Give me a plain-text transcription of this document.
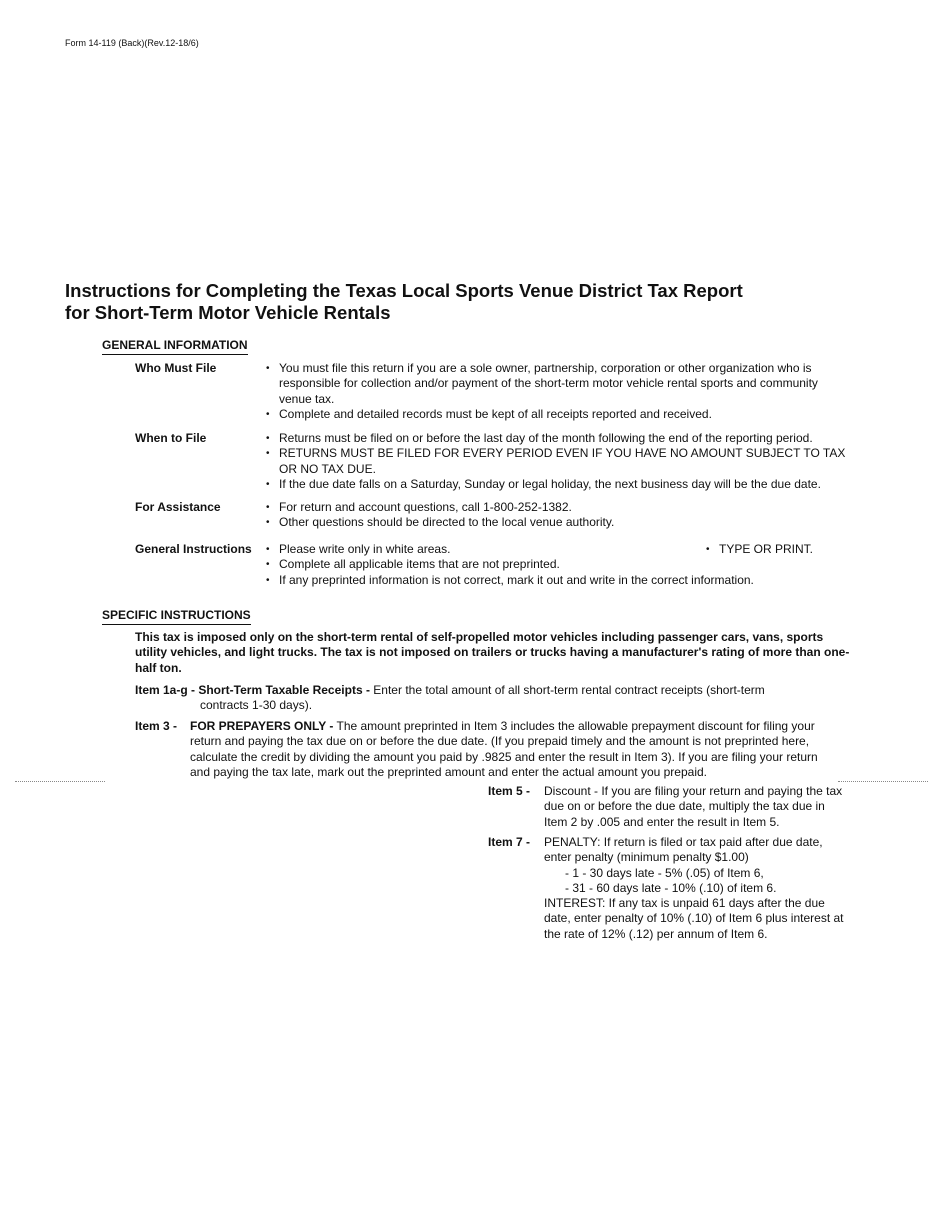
Form 14-119 (Back)(Rev.12-18/6)
Instructions for Completing the Texas Local Sports Venue District Tax Report
for Short-Term Motor Vehicle Rentals
GENERAL INFORMATION
Who Must File	• You must file this return if you are a sole owner, partnership, corporation or other organization who is responsible for collection and/or payment of the short-term motor vehicle rental sports and community venue tax.
• Complete and detailed records must be kept of all receipts reported and received.
When to File	• Returns must be filed on or before the last day of the month following the end of the reporting period.
• RETURNS MUST BE FILED FOR EVERY PERIOD EVEN IF YOU HAVE NO AMOUNT SUBJECT TO TAX OR NO TAX DUE.
• If the due date falls on a Saturday, Sunday or legal holiday, the next business day will be the due date.
For Assistance	• For return and account questions, call 1-800-252-1382.
• Other questions should be directed to the local venue authority.
General Instructions	• Please write only in white areas.
• Complete all applicable items that are not preprinted.
• If any preprinted information is not correct, mark it out and write in the correct information.
• TYPE OR PRINT.
SPECIFIC INSTRUCTIONS

This tax is imposed only on the short-term rental of self-propelled motor vehicles including passenger cars, vans, sports utility vehicles, and light trucks. The tax is not imposed on trailers or trucks having a manufacturer's rating of more than one-half ton.

Item 1a-g - Short-Term Taxable Receipts - Enter the total amount of all short-term rental contract receipts (short-term
contracts 1-30 days).
Item 3 - FOR PREPAYERS ONLY - The amount preprinted in Item 3 includes the allowable prepayment discount for filing your return and paying the tax due on or before the due date. (If you prepaid timely and the amount is not preprinted here, calculate the credit by dividing the amount you paid by .9825 and enter the result in Item 3). If you are filing your return and paying the tax late, mark out the preprinted amount and enter the actual amount you prepaid.
Item 5 - Discount - If you are filing your return and paying the tax due on or before the due date, multiply the tax due in Item 2 by .005 and enter the result in Item 5.
Item 7 - PENALTY: If return is filed or tax paid after due date, enter penalty (minimum penalty $1.00)
- 1 - 30 days late - 5% (.05) of Item 6,
- 31 - 60 days late - 10% (.10) of item 6.
INTEREST: If any tax is unpaid 61 days after the due date, enter penalty of 10% (.10) of Item 6 plus interest at the rate of 12% (.12) per annum of Item 6.
